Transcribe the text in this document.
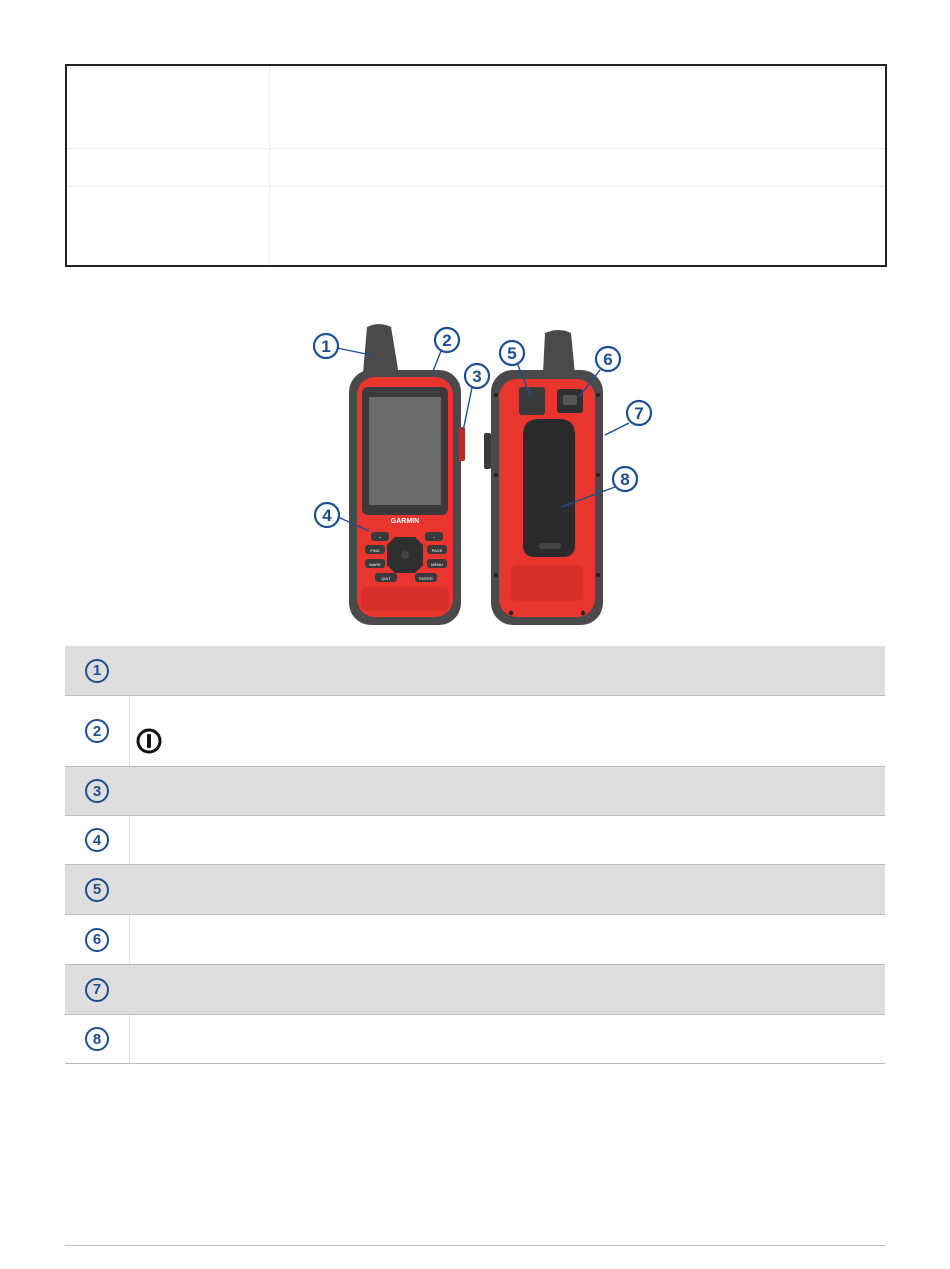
GARMIN
+	−
FIND	PAGE
MARK	MENU
QUIT	ENTER
1	2
3
4
5	6
7
8
1
2
3
4
5
6
7
8
